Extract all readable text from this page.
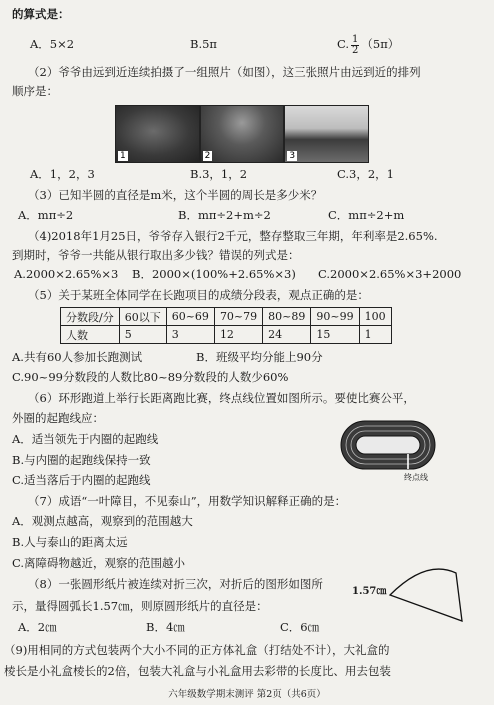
的算式是：
A．5×2	B.5π	C. $\frac{1}{2} (5\pi)$
（2）爷爷由远到近连续拍摄了一组照片（如图），这三张照片由远到近的排列
顺序是：
1	2	3
A．1，2，3	B.3，1，2	C.3，2，1
（3）已知半圆的直径是m米，这个半圆的周长是多少米？
A．mπ÷2	B．mπ÷2+m÷2	C．mπ÷2+m
（4)2018年1月25日，爷爷存入银行2千元，整存整取三年期，年利率是2.65%.
到期时，爷爷一共能从银行取出多少钱？错误的列式是：
A.2000×2.65%×3 B．2000×(100%+2.65%×3) C.2000×2.65%×3+2000
（5）关于某班全体同学在长跑项目的成绩分段表，观点正确的是：
分数段/分	60以下	60~69	70~79	80~89	90~99	100
人数	5	3	12	24	15	1
A.共有60人参加长跑测试	B．班级平均分能上90分
C.90~99分数段的人数比80~89分数段的人数少60%
（6）环形跑道上举行长距离跑比赛，终点线位置如图所示。要使比赛公平，
外圈的起跑线应：
A．适当领先于内圈的起跑线
B.与内圈的起跑线保持一致
C.适当落后于内圈的起跑线	终点线
（7）成语“一叶障目，不见泰山”，用数学知识解释正确的是：
A．观测点越高，观察到的范围越大
B.人与泰山的距离太远
C.离障碍物越近，观察的范围越小
（8）一张圆形纸片被连续对折三次，对折后的图形如图所
示，量得圆弧长1.57㎝，则原圆形纸片的直径是：
1.57㎝
A．2㎝	B．4㎝	C．6㎝
（9)用相同的方式包装两个大小不同的正方体礼盒（打结处不计），大礼盒的
棱长是小礼盒棱长的2倍，包装大礼盒与小礼盒用去彩带的长度比、用去包装
六年级数学期末测评 第2页（共6页）
